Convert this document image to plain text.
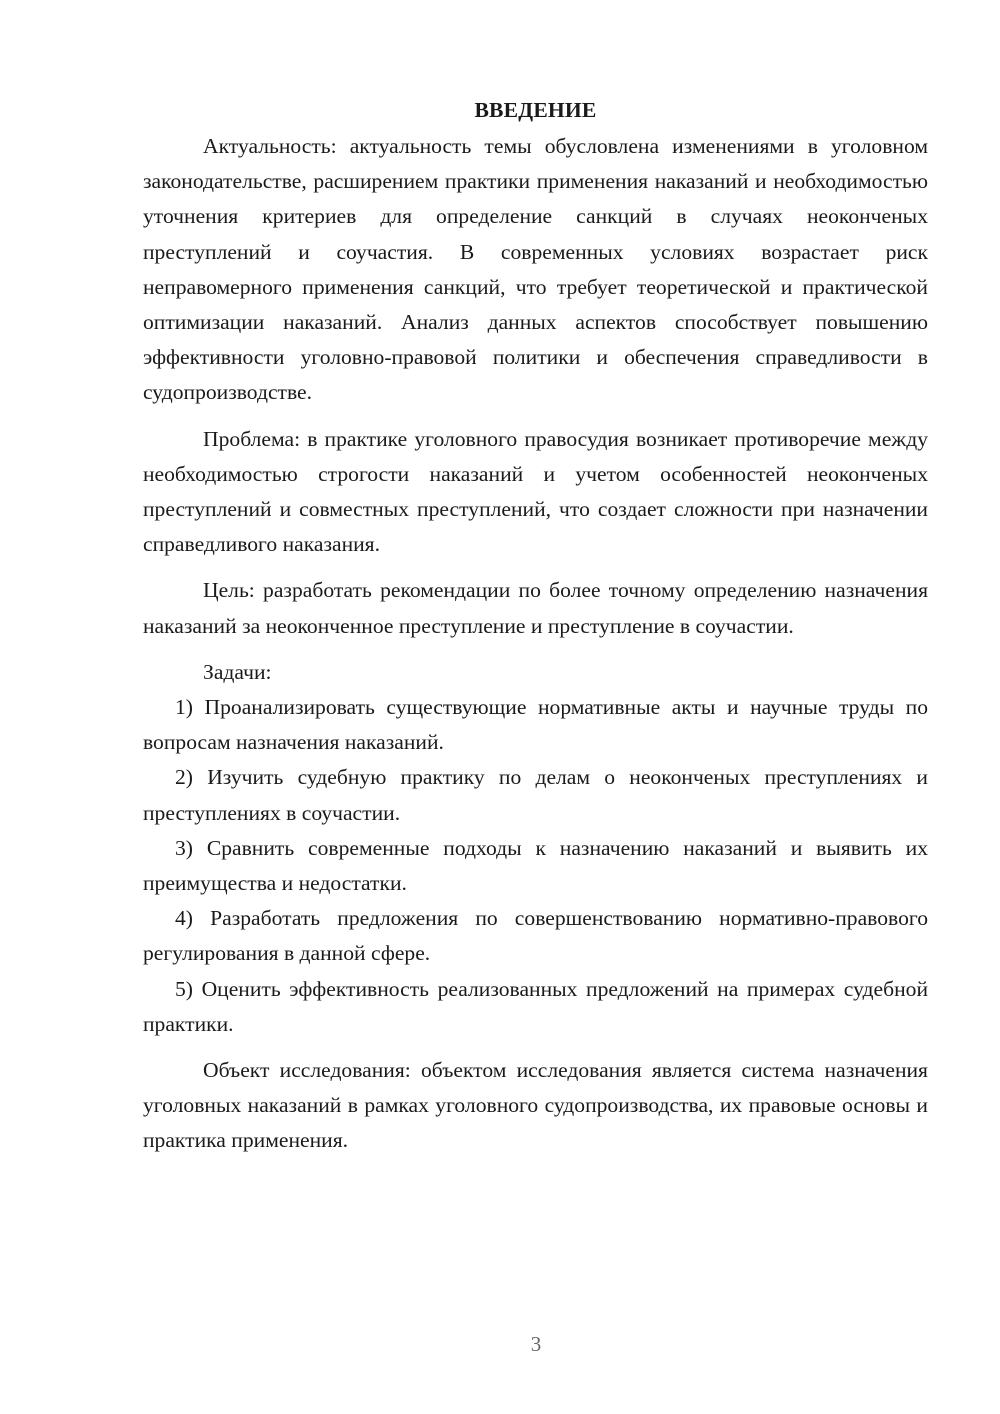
ВВЕДЕНИЕ

Актуальность: актуальность темы обусловлена изменениями в уголовном законодательстве, расширением практики применения наказаний и необходимостью уточнения критериев для определение санкций в случаях неоконченых преступлений и соучастия. В современных условиях возрастает риск неправомерного применения санкций, что требует теоретической и практической оптимизации наказаний. Анализ данных аспектов способствует повышению эффективности уголовно-правовой политики и обеспечения справедливости в судопроизводстве.

Проблема: в практике уголовного правосудия возникает противоречие между необходимостью строгости наказаний и учетом особенностей неоконченых преступлений и совместных преступлений, что создает сложности при назначении справедливого наказания.

Цель: разработать рекомендации по более точному определению назначения наказаний за неоконченное преступление и преступление в соучастии.

Задачи:

1) Проанализировать существующие нормативные акты и научные труды по вопросам назначения наказаний.

2) Изучить судебную практику по делам о неоконченых преступлениях и преступлениях в соучастии.

3) Сравнить современные подходы к назначению наказаний и выявить их преимущества и недостатки.

4) Разработать предложения по совершенствованию нормативно-правового регулирования в данной сфере.

5) Оценить эффективность реализованных предложений на примерах судебной практики.

Объект исследования: объектом исследования является система назначения уголовных наказаний в рамках уголовного судопроизводства, их правовые основы и практика применения.

3
